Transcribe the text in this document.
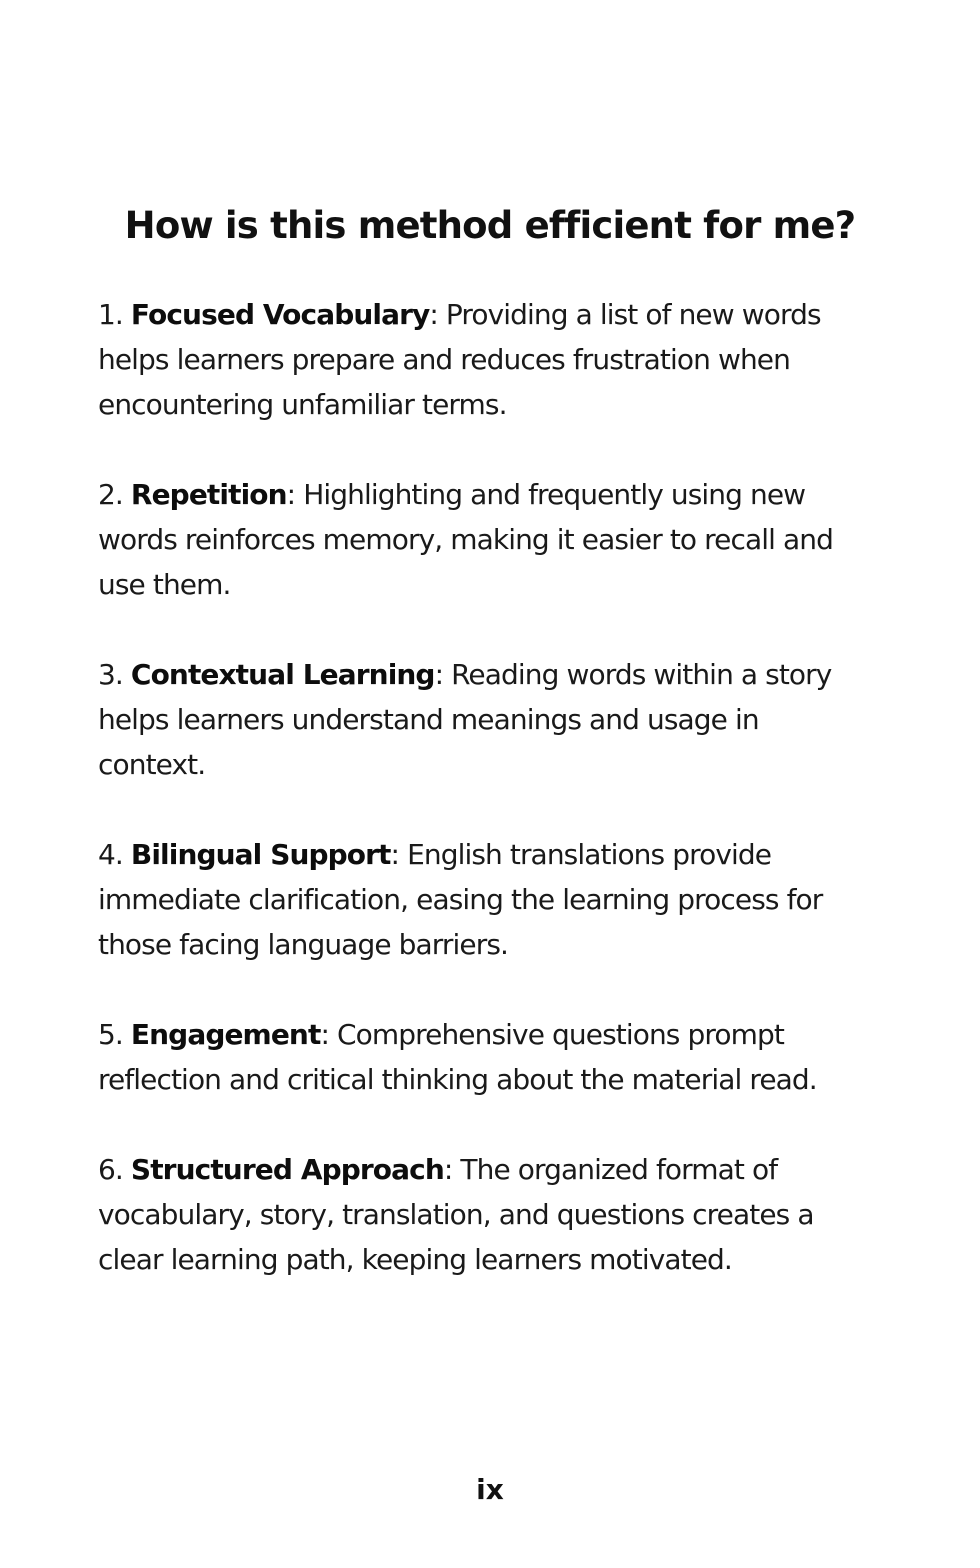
How is this method efficient for me?
1. Focused Vocabulary: Providing a list of new words
helps learners prepare and reduces frustration when
encountering unfamiliar terms.
2. Repetition: Highlighting and frequently using new
words reinforces memory, making it easier to recall and
use them.
3. Contextual Learning: Reading words within a story
helps learners understand meanings and usage in
context.
4. Bilingual Support: English translations provide
immediate clarification, easing the learning process for
those facing language barriers.
5. Engagement: Comprehensive questions prompt
reflection and critical thinking about the material read.
6. Structured Approach: The organized format of
vocabulary, story, translation, and questions creates a
clear learning path, keeping learners motivated.
ix
